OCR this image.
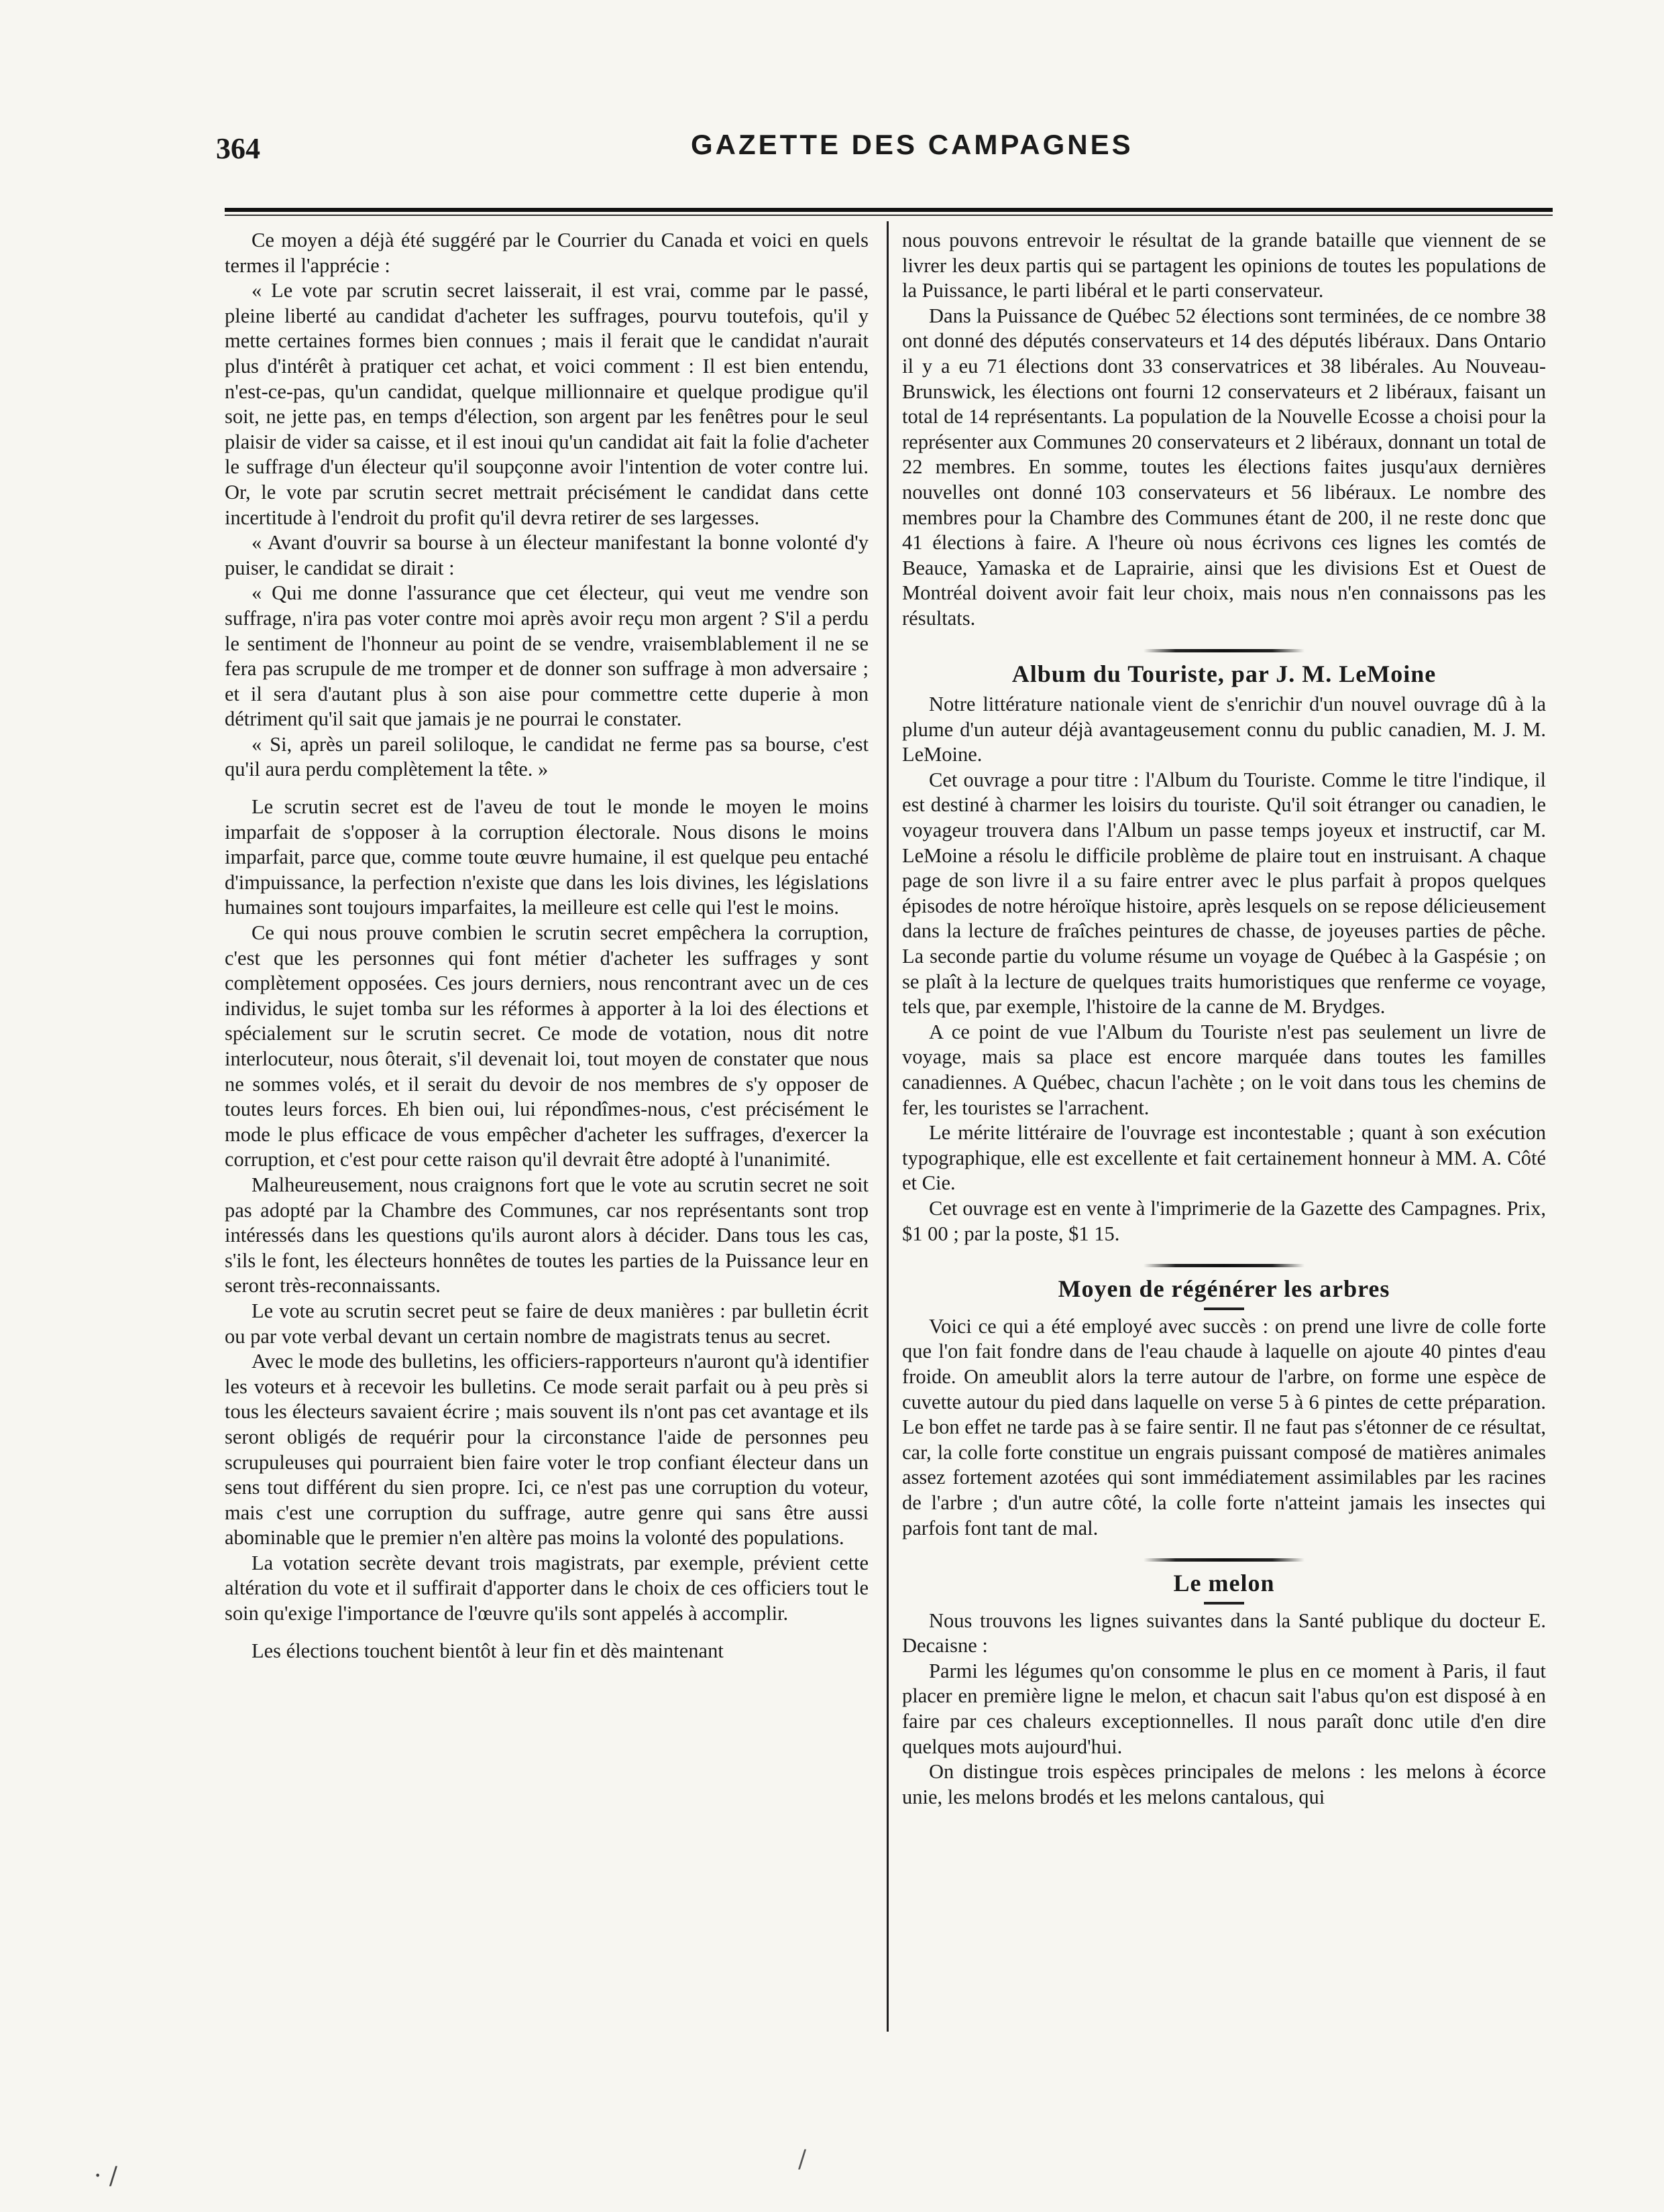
364	GAZETTE DES CAMPAGNES

Ce moyen a déjà été suggéré par le Courrier du Canada et voici en quels termes il l'apprécie :

« Le vote par scrutin secret laisserait, il est vrai, comme par le passé, pleine liberté au candidat d'acheter les suffrages, pourvu toutefois, qu'il y mette certaines formes bien connues ; mais il ferait que le candidat n'aurait plus d'intérêt à pratiquer cet achat, et voici comment : Il est bien entendu, n'est-ce-pas, qu'un candidat, quelque millionnaire et quelque prodigue qu'il soit, ne jette pas, en temps d'élection, son argent par les fenêtres pour le seul plaisir de vider sa caisse, et il est inoui qu'un candidat ait fait la folie d'acheter le suffrage d'un électeur qu'il soupçonne avoir l'intention de voter contre lui. Or, le vote par scrutin secret mettrait précisément le candidat dans cette incertitude à l'endroit du profit qu'il devra retirer de ses largesses.

« Avant d'ouvrir sa bourse à un électeur manifestant la bonne volonté d'y puiser, le candidat se dirait :

« Qui me donne l'assurance que cet électeur, qui veut me vendre son suffrage, n'ira pas voter contre moi après avoir reçu mon argent ? S'il a perdu le sentiment de l'honneur au point de se vendre, vraisemblablement il ne se fera pas scrupule de me tromper et de donner son suffrage à mon adversaire ; et il sera d'autant plus à son aise pour commettre cette duperie à mon détriment qu'il sait que jamais je ne pourrai le constater.

« Si, après un pareil soliloque, le candidat ne ferme pas sa bourse, c'est qu'il aura perdu complètement la tête. »

Le scrutin secret est de l'aveu de tout le monde le moyen le moins imparfait de s'opposer à la corruption électorale. Nous disons le moins imparfait, parce que, comme toute œuvre humaine, il est quelque peu entaché d'impuissance, la perfection n'existe que dans les lois divines, les législations humaines sont toujours imparfaites, la meilleure est celle qui l'est le moins.

Ce qui nous prouve combien le scrutin secret empêchera la corruption, c'est que les personnes qui font métier d'acheter les suffrages y sont complètement opposées. Ces jours derniers, nous rencontrant avec un de ces individus, le sujet tomba sur les réformes à apporter à la loi des élections et spécialement sur le scrutin secret. Ce mode de votation, nous dit notre interlocuteur, nous ôterait, s'il devenait loi, tout moyen de constater que nous ne sommes volés, et il serait du devoir de nos membres de s'y opposer de toutes leurs forces. Eh bien oui, lui répondîmes-nous, c'est précisément le mode le plus efficace de vous empêcher d'acheter les suffrages, d'exercer la corruption, et c'est pour cette raison qu'il devrait être adopté à l'unanimité.

Malheureusement, nous craignons fort que le vote au scrutin secret ne soit pas adopté par la Chambre des Communes, car nos représentants sont trop intéressés dans les questions qu'ils auront alors à décider. Dans tous les cas, s'ils le font, les électeurs honnêtes de toutes les parties de la Puissance leur en seront très-reconnaissants.

Le vote au scrutin secret peut se faire de deux manières : par bulletin écrit ou par vote verbal devant un certain nombre de magistrats tenus au secret.

Avec le mode des bulletins, les officiers-rapporteurs n'auront qu'à identifier les voteurs et à recevoir les bulletins. Ce mode serait parfait ou à peu près si tous les électeurs savaient écrire ; mais souvent ils n'ont pas cet avantage et ils seront obligés de requérir pour la circonstance l'aide de personnes peu scrupuleuses qui pourraient bien faire voter le trop confiant électeur dans un sens tout différent du sien propre. Ici, ce n'est pas une corruption du voteur, mais c'est une corruption du suffrage, autre genre qui sans être aussi abominable que le premier n'en altère pas moins la volonté des populations.

La votation secrète devant trois magistrats, par exemple, prévient cette altération du vote et il suffirait d'apporter dans le choix de ces officiers tout le soin qu'exige l'importance de l'œuvre qu'ils sont appelés à accomplir.

Les élections touchent bientôt à leur fin et dès maintenant

nous pouvons entrevoir le résultat de la grande bataille que viennent de se livrer les deux partis qui se partagent les opinions de toutes les populations de la Puissance, le parti libéral et le parti conservateur.

Dans la Puissance de Québec 52 élections sont terminées, de ce nombre 38 ont donné des députés conservateurs et 14 des députés libéraux. Dans Ontario il y a eu 71 élections dont 33 conservatrices et 38 libérales. Au Nouveau-Brunswick, les élections ont fourni 12 conservateurs et 2 libéraux, faisant un total de 14 représentants. La population de la Nouvelle Ecosse a choisi pour la représenter aux Communes 20 conservateurs et 2 libéraux, donnant un total de 22 membres. En somme, toutes les élections faites jusqu'aux dernières nouvelles ont donné 103 conservateurs et 56 libéraux. Le nombre des membres pour la Chambre des Communes étant de 200, il ne reste donc que 41 élections à faire. A l'heure où nous écrivons ces lignes les comtés de Beauce, Yamaska et de Laprairie, ainsi que les divisions Est et Ouest de Montréal doivent avoir fait leur choix, mais nous n'en connaissons pas les résultats.

Album du Touriste, par J. M. LeMoine

Notre littérature nationale vient de s'enrichir d'un nouvel ouvrage dû à la plume d'un auteur déjà avantageusement connu du public canadien, M. J. M. LeMoine.

Cet ouvrage a pour titre : l'Album du Touriste. Comme le titre l'indique, il est destiné à charmer les loisirs du touriste. Qu'il soit étranger ou canadien, le voyageur trouvera dans l'Album un passe temps joyeux et instructif, car M. LeMoine a résolu le difficile problème de plaire tout en instruisant. A chaque page de son livre il a su faire entrer avec le plus parfait à propos quelques épisodes de notre héroïque histoire, après lesquels on se repose délicieusement dans la lecture de fraîches peintures de chasse, de joyeuses parties de pêche. La seconde partie du volume résume un voyage de Québec à la Gaspésie ; on se plaît à la lecture de quelques traits humoristiques que renferme ce voyage, tels que, par exemple, l'histoire de la canne de M. Brydges.

A ce point de vue l'Album du Touriste n'est pas seulement un livre de voyage, mais sa place est encore marquée dans toutes les familles canadiennes. A Québec, chacun l'achète ; on le voit dans tous les chemins de fer, les touristes se l'arrachent.

Le mérite littéraire de l'ouvrage est incontestable ; quant à son exécution typographique, elle est excellente et fait certainement honneur à MM. A. Côté et Cie.

Cet ouvrage est en vente à l'imprimerie de la Gazette des Campagnes. Prix, $1 00 ; par la poste, $1 15.

Moyen de régénérer les arbres

Voici ce qui a été employé avec succès : on prend une livre de colle forte que l'on fait fondre dans de l'eau chaude à laquelle on ajoute 40 pintes d'eau froide. On ameublit alors la terre autour de l'arbre, on forme une espèce de cuvette autour du pied dans laquelle on verse 5 à 6 pintes de cette préparation. Le bon effet ne tarde pas à se faire sentir. Il ne faut pas s'étonner de ce résultat, car, la colle forte constitue un engrais puissant composé de matières animales assez fortement azotées qui sont immédiatement assimilables par les racines de l'arbre ; d'un autre côté, la colle forte n'atteint jamais les insectes qui parfois font tant de mal.

Le melon

Nous trouvons les lignes suivantes dans la Santé publique du docteur E. Decaisne :

Parmi les légumes qu'on consomme le plus en ce moment à Paris, il faut placer en première ligne le melon, et chacun sait l'abus qu'on est disposé à en faire par ces chaleurs exceptionnelles. Il nous paraît donc utile d'en dire quelques mots aujourd'hui.

On distingue trois espèces principales de melons : les melons à écorce unie, les melons brodés et les melons cantalous, qui

/
· /
